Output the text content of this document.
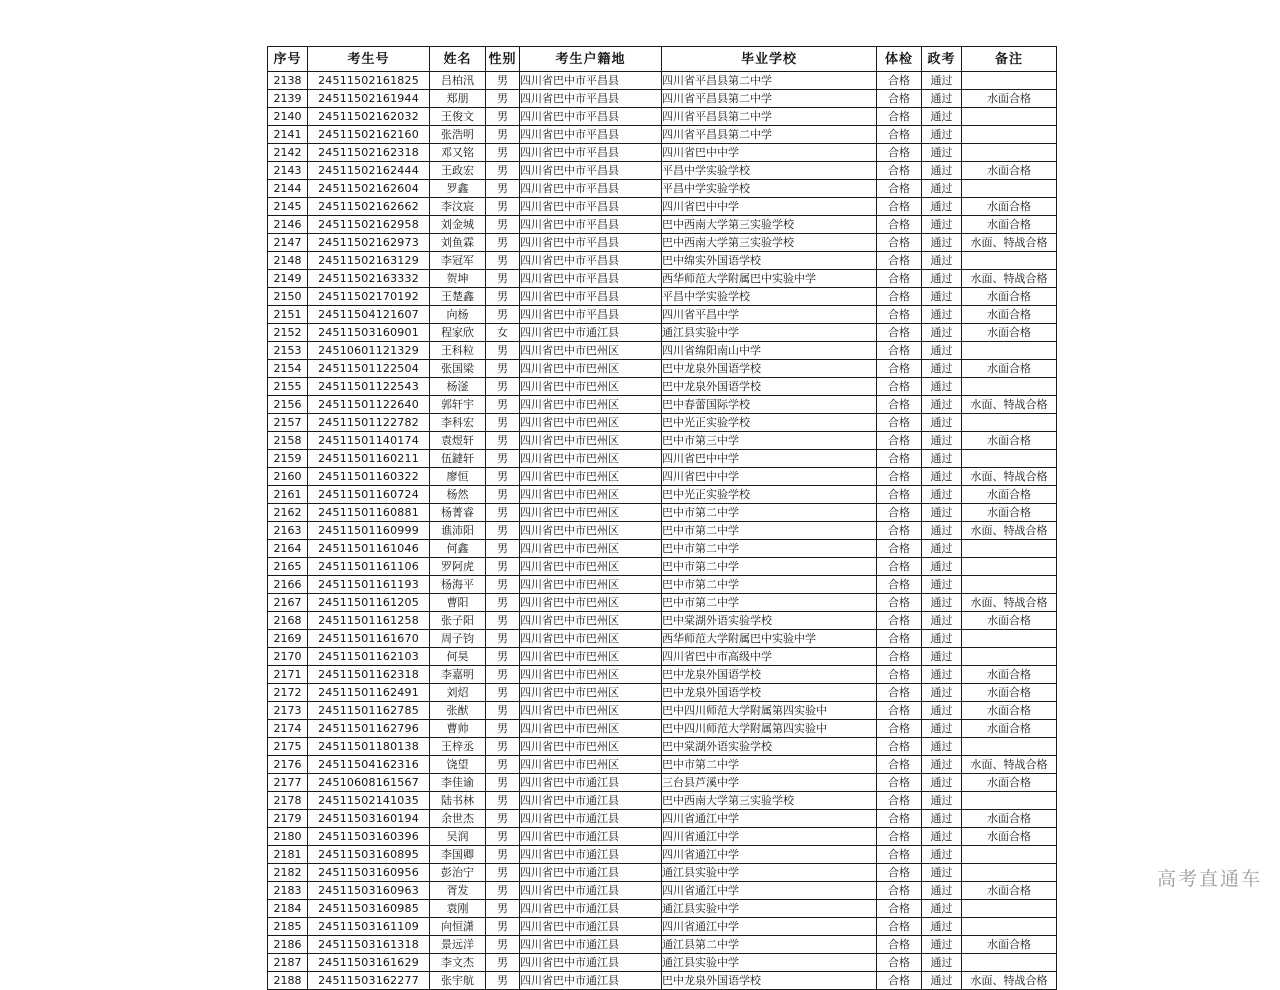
序号	考生号	姓名	性别	考生户籍地	毕业学校	体检	政考	备注
2138	24511502161825	吕柏汛	男	四川省巴中市平昌县	四川省平昌县第二中学	合格	通过	
2139	24511502161944	郑朋	男	四川省巴中市平昌县	四川省平昌县第二中学	合格	通过	水面合格
2140	24511502162032	王俊文	男	四川省巴中市平昌县	四川省平昌县第二中学	合格	通过	
2141	24511502162160	张浩明	男	四川省巴中市平昌县	四川省平昌县第二中学	合格	通过	
2142	24511502162318	邓又铭	男	四川省巴中市平昌县	四川省巴中中学	合格	通过	
2143	24511502162444	王政宏	男	四川省巴中市平昌县	平昌中学实验学校	合格	通过	水面合格
2144	24511502162604	罗鑫	男	四川省巴中市平昌县	平昌中学实验学校	合格	通过	
2145	24511502162662	李汶宸	男	四川省巴中市平昌县	四川省巴中中学	合格	通过	水面合格
2146	24511502162958	刘金城	男	四川省巴中市平昌县	巴中西南大学第三实验学校	合格	通过	水面合格
2147	24511502162973	刘鱼霖	男	四川省巴中市平昌县	巴中西南大学第三实验学校	合格	通过	水面、特战合格
2148	24511502163129	李冠军	男	四川省巴中市平昌县	巴中绵实外国语学校	合格	通过	
2149	24511502163332	贺坤	男	四川省巴中市平昌县	西华师范大学附属巴中实验中学	合格	通过	水面、特战合格
2150	24511502170192	王楚鑫	男	四川省巴中市平昌县	平昌中学实验学校	合格	通过	水面合格
2151	24511504121607	向杨	男	四川省巴中市平昌县	四川省平昌中学	合格	通过	水面合格
2152	24511503160901	程家欣	女	四川省巴中市通江县	通江县实验中学	合格	通过	水面合格
2153	24510601121329	王科粒	男	四川省巴中市巴州区	四川省绵阳南山中学	合格	通过	
2154	24511501122504	张国梁	男	四川省巴中市巴州区	巴中龙泉外国语学校	合格	通过	水面合格
2155	24511501122543	杨滏	男	四川省巴中市巴州区	巴中龙泉外国语学校	合格	通过	
2156	24511501122640	郭轩宇	男	四川省巴中市巴州区	巴中春蕾国际学校	合格	通过	水面、特战合格
2157	24511501122782	李科宏	男	四川省巴中市巴州区	巴中光正实验学校	合格	通过	
2158	24511501140174	袁煜轩	男	四川省巴中市巴州区	巴中市第三中学	合格	通过	水面合格
2159	24511501160211	伍鐽轩	男	四川省巴中市巴州区	四川省巴中中学	合格	通过	
2160	24511501160322	廖恒	男	四川省巴中市巴州区	四川省巴中中学	合格	通过	水面、特战合格
2161	24511501160724	杨然	男	四川省巴中市巴州区	巴中光正实验学校	合格	通过	水面合格
2162	24511501160881	杨菁睿	男	四川省巴中市巴州区	巴中市第二中学	合格	通过	水面合格
2163	24511501160999	谯沛阳	男	四川省巴中市巴州区	巴中市第二中学	合格	通过	水面、特战合格
2164	24511501161046	何鑫	男	四川省巴中市巴州区	巴中市第二中学	合格	通过	
2165	24511501161106	罗阿虎	男	四川省巴中市巴州区	巴中市第二中学	合格	通过	
2166	24511501161193	杨海平	男	四川省巴中市巴州区	巴中市第二中学	合格	通过	
2167	24511501161205	曹阳	男	四川省巴中市巴州区	巴中市第二中学	合格	通过	水面、特战合格
2168	24511501161258	张子阳	男	四川省巴中市巴州区	巴中棠湖外语实验学校	合格	通过	水面合格
2169	24511501161670	周子钧	男	四川省巴中市巴州区	西华师范大学附属巴中实验中学	合格	通过	
2170	24511501162103	何昊	男	四川省巴中市巴州区	四川省巴中市高级中学	合格	通过	
2171	24511501162318	李嘉明	男	四川省巴中市巴州区	巴中龙泉外国语学校	合格	通过	水面合格
2172	24511501162491	刘炤	男	四川省巴中市巴州区	巴中龙泉外国语学校	合格	通过	水面合格
2173	24511501162785	张猷	男	四川省巴中市巴州区	巴中四川师范大学附属第四实验中	合格	通过	水面合格
2174	24511501162796	曹帅	男	四川省巴中市巴州区	巴中四川师范大学附属第四实验中	合格	通过	水面合格
2175	24511501180138	王梓丞	男	四川省巴中市巴州区	巴中棠湖外语实验学校	合格	通过	
2176	24511504162316	饶望	男	四川省巴中市巴州区	巴中市第二中学	合格	通过	水面、特战合格
2177	24510608161567	李佳谕	男	四川省巴中市通江县	三台县芦溪中学	合格	通过	水面合格
2178	24511502141035	陆书林	男	四川省巴中市通江县	巴中西南大学第三实验学校	合格	通过	
2179	24511503160194	余世杰	男	四川省巴中市通江县	四川省通江中学	合格	通过	水面合格
2180	24511503160396	吴润	男	四川省巴中市通江县	四川省通江中学	合格	通过	水面合格
2181	24511503160895	李国卿	男	四川省巴中市通江县	四川省通江中学	合格	通过	
2182	24511503160956	彭治宁	男	四川省巴中市通江县	通江县实验中学	合格	通过	
2183	24511503160963	胥发	男	四川省巴中市通江县	四川省通江中学	合格	通过	水面合格
2184	24511503160985	袁刚	男	四川省巴中市通江县	通江县实验中学	合格	通过	
2185	24511503161109	向恒潇	男	四川省巴中市通江县	四川省通江中学	合格	通过	
2186	24511503161318	景远洋	男	四川省巴中市通江县	通江县第二中学	合格	通过	水面合格
2187	24511503161629	李文杰	男	四川省巴中市通江县	通江县实验中学	合格	通过	
2188	24511503162277	张宇航	男	四川省巴中市通江县	巴中龙泉外国语学校	合格	通过	水面、特战合格
高考直通车
